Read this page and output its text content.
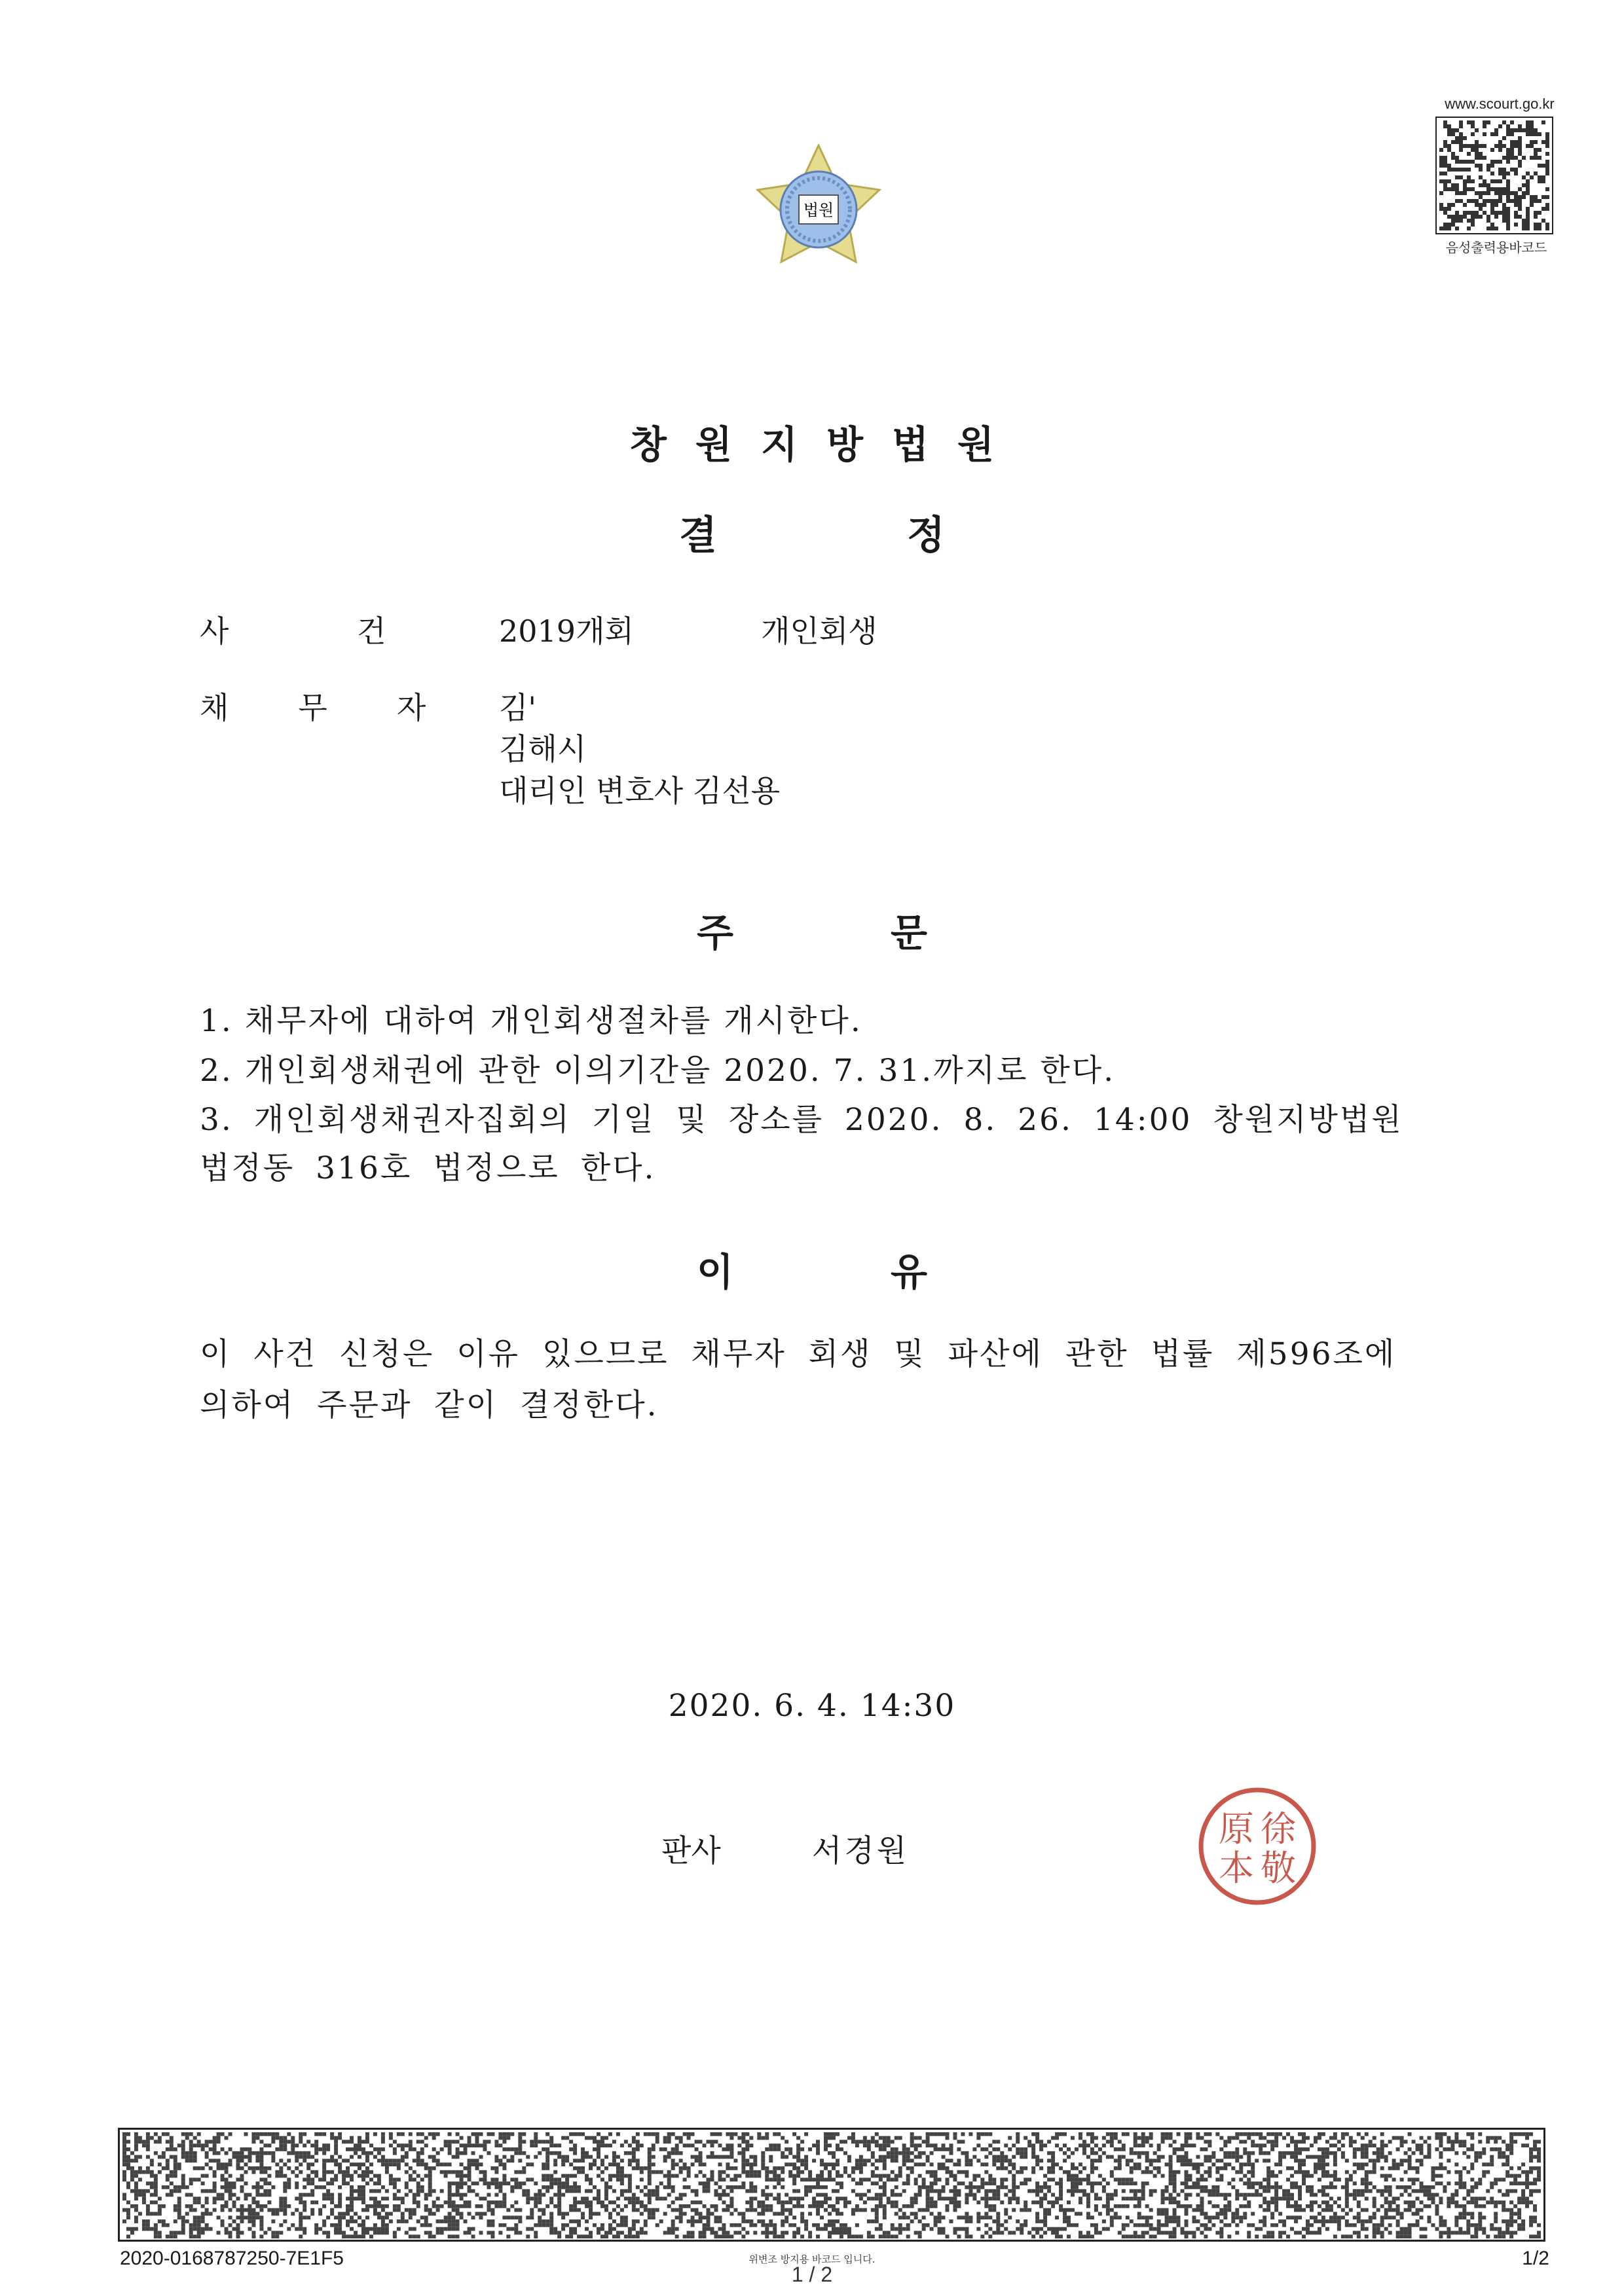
법원
www.scourt.go.kr
음성출력용바코드
창원지방법원
결정
사	건	2019개회	개인회생
채무자 김'
김해시
대리인 변호사 김선용
주문
1. 채무자에 대하여 개인회생절차를 개시한다.
2. 개인회생채권에 관한 이의기간을 2020. 7. 31.까지로 한다.
3. 개인회생채권자집회의 기일 및 장소를 2020. 8. 26. 14:00 창원지방법원 법정동 316호 법정으로 한다.
이유
이 사건 신청은 이유 있으므로 채무자 회생 및 파산에 관한 법률 제596조에 의하여 주문과 같이 결정한다.
2020. 6. 4. 14:30
판사	서경원
原 徐
本 敬
2020-0168787250-7E1F5	위변조 방지용 바코드 입니다.
1 / 2
1/2
